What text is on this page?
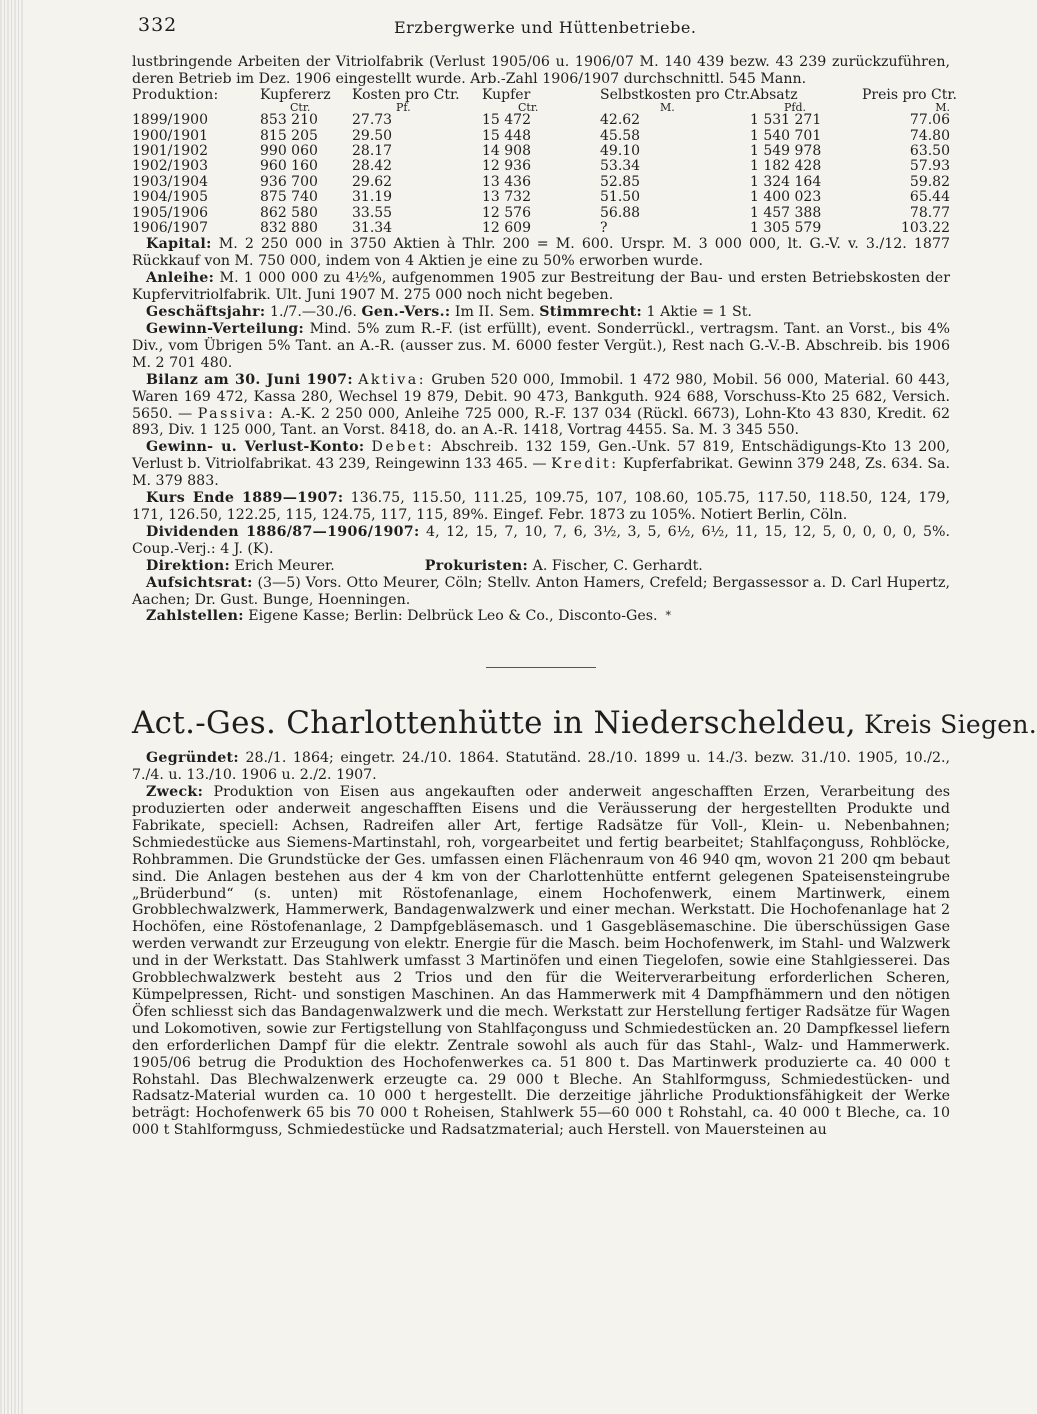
332	Erzbergwerke und Hüttenbetriebe.

lustbringende Arbeiten der Vitriolfabrik (Verlust 1905/06 u. 1906/07 M. 140 439 bezw. 43 239 zurückzuführen, deren Betrieb im Dez. 1906 eingestellt wurde. Arb.-Zahl 1906/1907 durchschnittl. 545 Mann.

Produktion:	Kupfererz	Kosten pro Ctr.	Kupfer	Selbstkosten pro Ctr.	Absatz	Preis pro Ctr.
	Ctr.	Pf.	Ctr.	M.	Pfd.	M.
1899/1900	853 210	27.73	15 472	42.62	1 531 271	77.06
1900/1901	815 205	29.50	15 448	45.58	1 540 701	74.80
1901/1902	990 060	28.17	14 908	49.10	1 549 978	63.50
1902/1903	960 160	28.42	12 936	53.34	1 182 428	57.93
1903/1904	936 700	29.62	13 436	52.85	1 324 164	59.82
1904/1905	875 740	31.19	13 732	51.50	1 400 023	65.44
1905/1906	862 580	33.55	12 576	56.88	1 457 388	78.77
1906/1907	832 880	31.34	12 609	?	1 305 579	103.22

Kapital: M. 2 250 000 in 3750 Aktien à Thlr. 200 = M. 600. Urspr. M. 3 000 000, lt. G.-V. v. 3./12. 1877 Rückkauf von M. 750 000, indem von 4 Aktien je eine zu 50% erworben wurde.

Anleihe: M. 1 000 000 zu 4½%, aufgenommen 1905 zur Bestreitung der Bau- und ersten Betriebskosten der Kupfervitriolfabrik. Ult. Juni 1907 M. 275 000 noch nicht begeben.

Geschäftsjahr: 1./7.—30./6. Gen.-Vers.: Im II. Sem. Stimmrecht: 1 Aktie = 1 St.

Gewinn-Verteilung: Mind. 5% zum R.-F. (ist erfüllt), event. Sonderrückl., vertragsm. Tant. an Vorst., bis 4% Div., vom Übrigen 5% Tant. an A.-R. (ausser zus. M. 6000 fester Vergüt.), Rest nach G.-V.-B. Abschreib. bis 1906 M. 2 701 480.

Bilanz am 30. Juni 1907: Aktiva: Gruben 520 000, Immobil. 1 472 980, Mobil. 56 000, Material. 60 443, Waren 169 472, Kassa 280, Wechsel 19 879, Debit. 90 473, Bankguth. 924 688, Vorschuss-Kto 25 682, Versich. 5650. — Passiva: A.-K. 2 250 000, Anleihe 725 000, R.-F. 137 034 (Rückl. 6673), Lohn-Kto 43 830, Kredit. 62 893, Div. 1 125 000, Tant. an Vorst. 8418, do. an A.-R. 1418, Vortrag 4455. Sa. M. 3 345 550.

Gewinn- u. Verlust-Konto: Debet: Abschreib. 132 159, Gen.-Unk. 57 819, Entschädigungs-Kto 13 200, Verlust b. Vitriolfabrikat. 43 239, Reingewinn 133 465. — Kredit: Kupferfabrikat. Gewinn 379 248, Zs. 634. Sa. M. 379 883.

Kurs Ende 1889—1907: 136.75, 115.50, 111.25, 109.75, 107, 108.60, 105.75, 117.50, 118.50, 124, 179, 171, 126.50, 122.25, 115, 124.75, 117, 115, 89%. Eingef. Febr. 1873 zu 105%. Notiert Berlin, Cöln.

Dividenden 1886/87—1906/1907: 4, 12, 15, 7, 10, 7, 6, 3½, 3, 5, 6½, 6½, 11, 15, 12, 5, 0, 0, 0, 0, 5%. Coup.-Verj.: 4 J. (K).

Direktion: Erich Meurer.	Prokuristen: A. Fischer, C. Gerhardt.

Aufsichtsrat: (3—5) Vors. Otto Meurer, Cöln; Stellv. Anton Hamers, Crefeld; Bergassessor a. D. Carl Hupertz, Aachen; Dr. Gust. Bunge, Hoenningen.

Zahlstellen: Eigene Kasse; Berlin: Delbrück Leo & Co., Disconto-Ges. *

Act.-Ges. Charlottenhütte in Niederscheldeu, Kreis Siegen.

Gegründet: 28./1. 1864; eingetr. 24./10. 1864. Statutänd. 28./10. 1899 u. 14./3. bezw. 31./10. 1905, 10./2., 7./4. u. 13./10. 1906 u. 2./2. 1907.

Zweck: Produktion von Eisen aus angekauften oder anderweit angeschafften Erzen, Verarbeitung des produzierten oder anderweit angeschafften Eisens und die Veräusserung der hergestellten Produkte und Fabrikate, speciell: Achsen, Radreifen aller Art, fertige Radsätze für Voll-, Klein- u. Nebenbahnen; Schmiedestücke aus Siemens-Martinstahl, roh, vorgearbeitet und fertig bearbeitet; Stahlfaçonguss, Rohblöcke, Rohbrammen. Die Grundstücke der Ges. umfassen einen Flächenraum von 46 940 qm, wovon 21 200 qm bebaut sind. Die Anlagen bestehen aus der 4 km von der Charlottenhütte entfernt gelegenen Spateisensteingrube „Brüderbund“ (s. unten) mit Röstofenanlage, einem Hochofenwerk, einem Martinwerk, einem Grobblechwalzwerk, Hammerwerk, Bandagenwalzwerk und einer mechan. Werkstatt. Die Hochofenanlage hat 2 Hochöfen, eine Röstofenanlage, 2 Dampfgebläsemasch. und 1 Gasgebläsemaschine. Die überschüssigen Gase werden verwandt zur Erzeugung von elektr. Energie für die Masch. beim Hochofenwerk, im Stahl- und Walzwerk und in der Werkstatt. Das Stahlwerk umfasst 3 Martinöfen und einen Tiegelofen, sowie eine Stahlgiesserei. Das Grobblechwalzwerk besteht aus 2 Trios und den für die Weiterverarbeitung erforderlichen Scheren, Kümpelpressen, Richt- und sonstigen Maschinen. An das Hammerwerk mit 4 Dampfhämmern und den nötigen Öfen schliesst sich das Bandagenwalzwerk und die mech. Werkstatt zur Herstellung fertiger Radsätze für Wagen und Lokomotiven, sowie zur Fertigstellung von Stahlfaçonguss und Schmiedestücken an. 20 Dampfkessel liefern den erforderlichen Dampf für die elektr. Zentrale sowohl als auch für das Stahl-, Walz- und Hammerwerk. 1905/06 betrug die Produktion des Hochofenwerkes ca. 51 800 t. Das Martinwerk produzierte ca. 40 000 t Rohstahl. Das Blechwalzenwerk erzeugte ca. 29 000 t Bleche. An Stahlformguss, Schmiedestücken- und Radsatz-Material wurden ca. 10 000 t hergestellt. Die derzeitige jährliche Produktionsfähigkeit der Werke beträgt: Hochofenwerk 65 bis 70 000 t Roheisen, Stahlwerk 55—60 000 t Rohstahl, ca. 40 000 t Bleche, ca. 10 000 t Stahlformguss, Schmiedestücke und Radsatzmaterial; auch Herstell. von Mauersteinen au
